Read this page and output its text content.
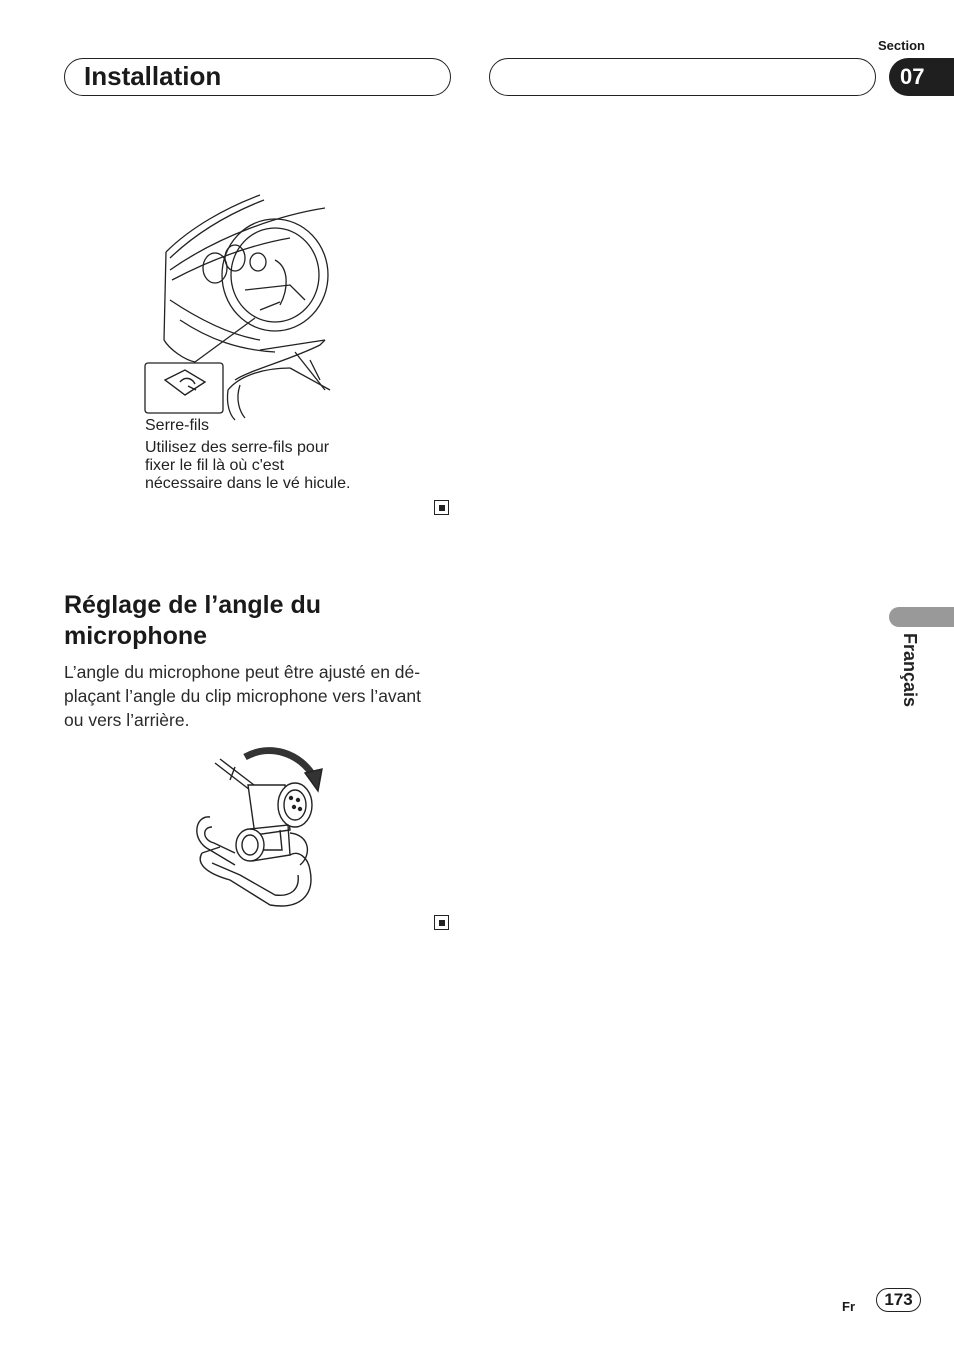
Section
07
Installation
Serre-fils
Utilisez des serre-fils pour
fixer le fil là où c'est
nécessaire dans le vé hicule.
Réglage de l’angle du
microphone
L’angle du microphone peut être ajusté en dé-
plaçant l’angle du clip microphone vers l’avant
ou vers l’arrière.
Français
Fr	173
